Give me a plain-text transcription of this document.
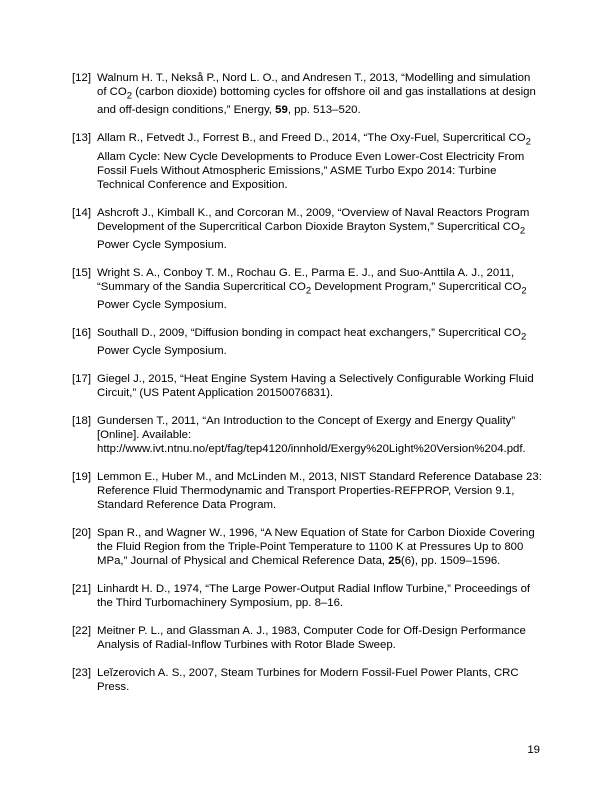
[12] Walnum H. T., Nekså P., Nord L. O., and Andresen T., 2013, “Modelling and simulation of $CO_2$ (carbon dioxide) bottoming cycles for offshore oil and gas installations at design and off-design conditions,” Energy, 59, pp. 513–520.
[13] Allam R., Fetvedt J., Forrest B., and Freed D., 2014, “The Oxy-Fuel, Supercritical $CO_2$ Allam Cycle: New Cycle Developments to Produce Even Lower-Cost Electricity From Fossil Fuels Without Atmospheric Emissions,” ASME Turbo Expo 2014: Turbine Technical Conference and Exposition.
[14] Ashcroft J., Kimball K., and Corcoran M., 2009, “Overview of Naval Reactors Program Development of the Supercritical Carbon Dioxide Brayton System,” Supercritical $CO_2$ Power Cycle Symposium.
[15] Wright S. A., Conboy T. M., Rochau G. E., Parma E. J., and Suo-Anttila A. J., 2011, “Summary of the Sandia Supercritical $CO_2$ Development Program,” Supercritical $CO_2$ Power Cycle Symposium.
[16] Southall D., 2009, “Diffusion bonding in compact heat exchangers,” Supercritical $CO_2$ Power Cycle Symposium.
[17] Giegel J., 2015, “Heat Engine System Having a Selectively Configurable Working Fluid Circuit,” (US Patent Application 20150076831).
[18] Gundersen T., 2011, “An Introduction to the Concept of Exergy and Energy Quality” [Online]. Available: http://www.ivt.ntnu.no/ept/fag/tep4120/innhold/Exergy%20Light%20Version%204.pdf.
[19] Lemmon E., Huber M., and McLinden M., 2013, NIST Standard Reference Database 23: Reference Fluid Thermodynamic and Transport Properties-REFPROP, Version 9.1, Standard Reference Data Program.
[20] Span R., and Wagner W., 1996, “A New Equation of State for Carbon Dioxide Covering the Fluid Region from the Triple-Point Temperature to 1100 K at Pressures Up to 800 MPa,” Journal of Physical and Chemical Reference Data, 25(6), pp. 1509–1596.
[21] Linhardt H. D., 1974, “The Large Power-Output Radial Inflow Turbine,” Proceedings of the Third Turbomachinery Symposium, pp. 8–16.
[22] Meitner P. L., and Glassman A. J., 1983, Computer Code for Off-Design Performance Analysis of Radial-Inflow Turbines with Rotor Blade Sweep.
[23] Leĭzerovich A. S., 2007, Steam Turbines for Modern Fossil-Fuel Power Plants, CRC Press.
19
